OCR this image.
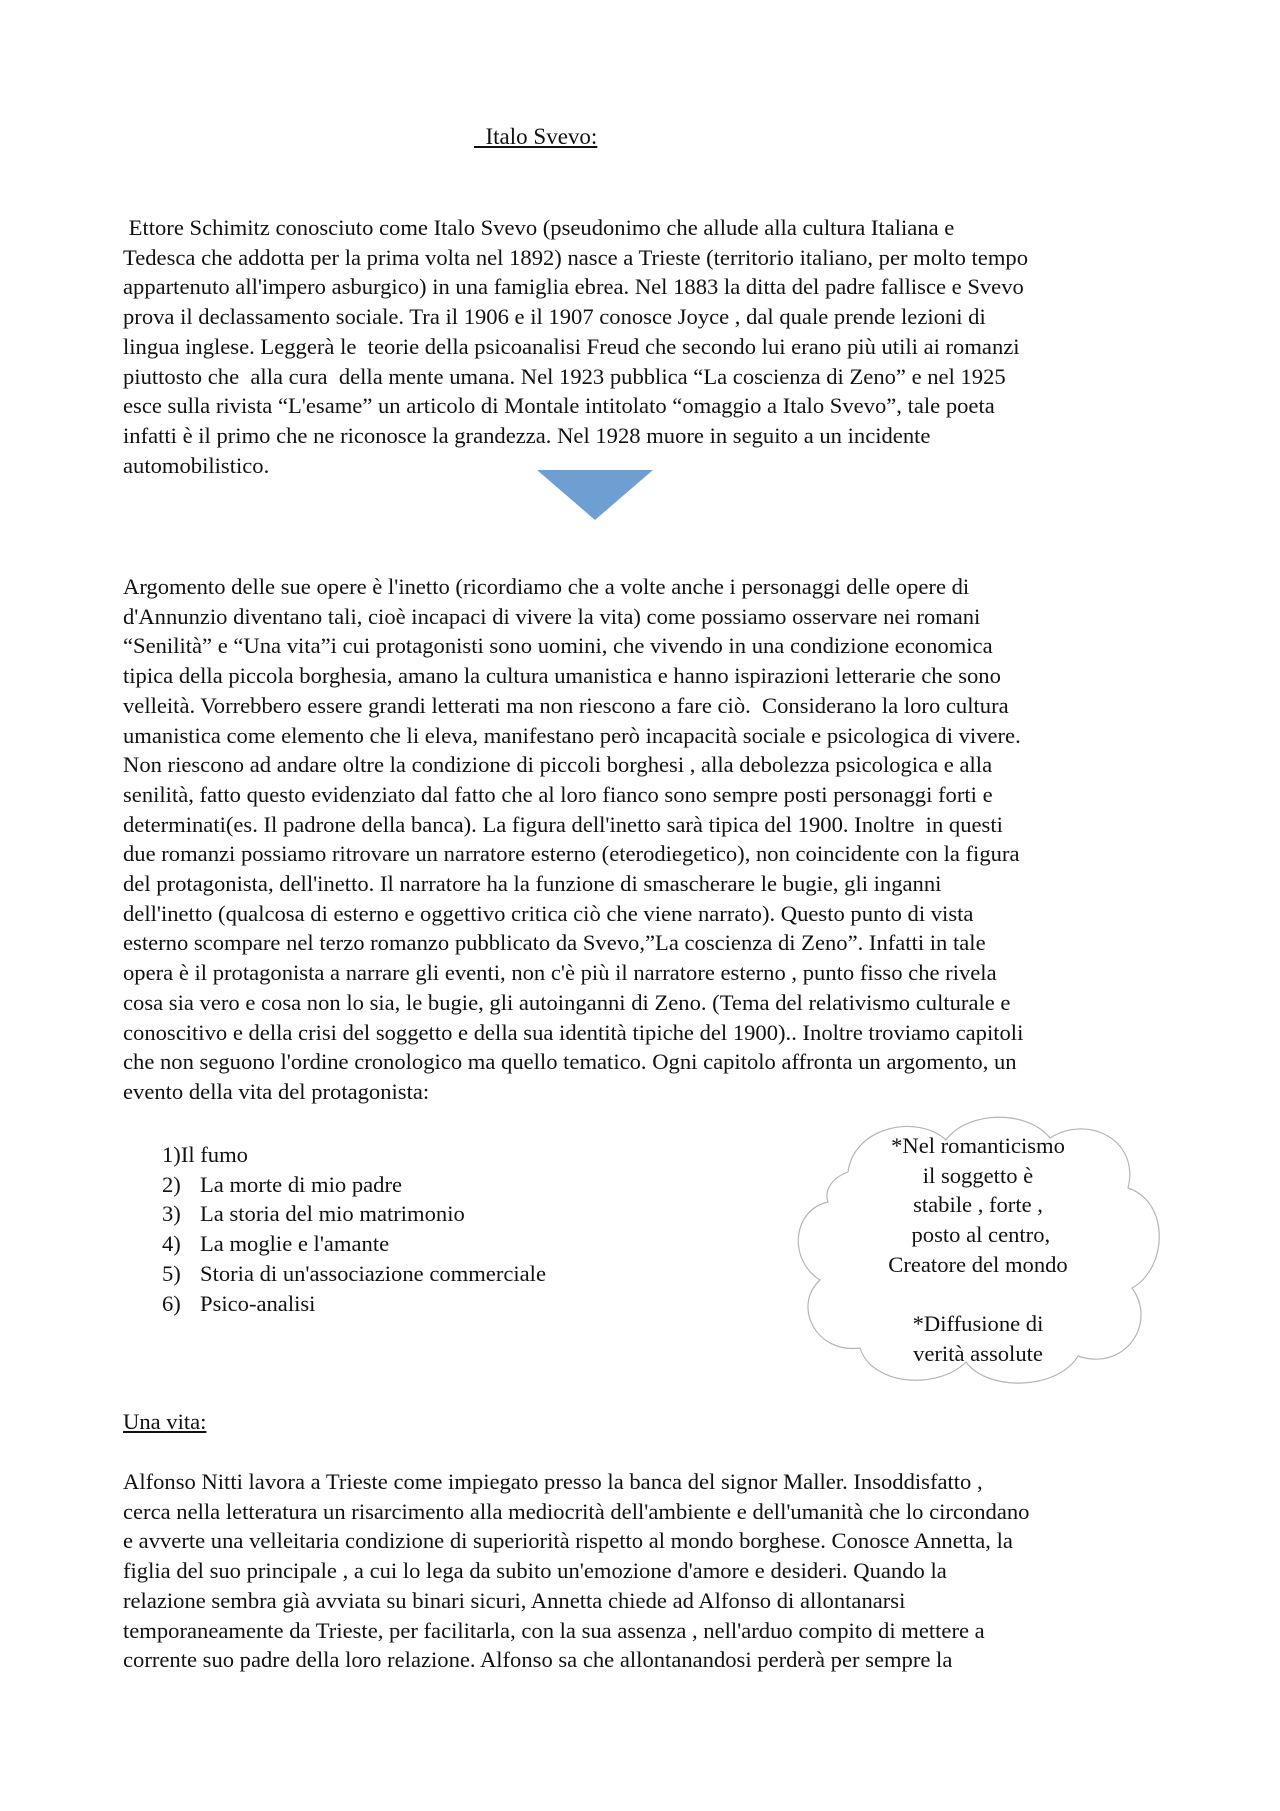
Italo Svevo:

Ettore Schimitz conosciuto come Italo Svevo (pseudonimo che allude alla cultura Italiana e
Tedesca che addotta per la prima volta nel 1892) nasce a Trieste (territorio italiano, per molto tempo
appartenuto all'impero asburgico) in una famiglia ebrea. Nel 1883 la ditta del padre fallisce e Svevo
prova il declassamento sociale. Tra il 1906 e il 1907 conosce Joyce , dal quale prende lezioni di
lingua inglese. Leggerà le  teorie della psicoanalisi Freud che secondo lui erano più utili ai romanzi
piuttosto che  alla cura  della mente umana. Nel 1923 pubblica “La coscienza di Zeno” e nel 1925
esce sulla rivista “L'esame” un articolo di Montale intitolato “omaggio a Italo Svevo”, tale poeta
infatti è il primo che ne riconosce la grandezza. Nel 1928 muore in seguito a un incidente
automobilistico.

Argomento delle sue opere è l'inetto (ricordiamo che a volte anche i personaggi delle opere di
d'Annunzio diventano tali, cioè incapaci di vivere la vita) come possiamo osservare nei romani
“Senilità” e “Una vita”i cui protagonisti sono uomini, che vivendo in una condizione economica
tipica della piccola borghesia, amano la cultura umanistica e hanno ispirazioni letterarie che sono
velleità. Vorrebbero essere grandi letterati ma non riescono a fare ciò.  Considerano la loro cultura
umanistica come elemento che li eleva, manifestano però incapacità sociale e psicologica di vivere.
Non riescono ad andare oltre la condizione di piccoli borghesi , alla debolezza psicologica e alla
senilità, fatto questo evidenziato dal fatto che al loro fianco sono sempre posti personaggi forti e
determinati(es. Il padrone della banca). La figura dell'inetto sarà tipica del 1900. Inoltre  in questi
due romanzi possiamo ritrovare un narratore esterno (eterodiegetico), non coincidente con la figura
del protagonista, dell'inetto. Il narratore ha la funzione di smascherare le bugie, gli inganni
dell'inetto (qualcosa di esterno e oggettivo critica ciò che viene narrato). Questo punto di vista
esterno scompare nel terzo romanzo pubblicato da Svevo,”La coscienza di Zeno”. Infatti in tale
opera è il protagonista a narrare gli eventi, non c'è più il narratore esterno , punto fisso che rivela
cosa sia vero e cosa non lo sia, le bugie, gli autoinganni di Zeno. (Tema del relativismo culturale e
conoscitivo e della crisi del soggetto e della sua identità tipiche del 1900).. Inoltre troviamo capitoli
che non seguono l'ordine cronologico ma quello tematico. Ogni capitolo affronta un argomento, un
evento della vita del protagonista:

1)Il fumo
2) La morte di mio padre
3) La storia del mio matrimonio
4) La moglie e l'amante
5) Storia di un'associazione commerciale
6) Psico-analisi
*Nel romanticismo
il soggetto è
stabile , forte ,
posto al centro,
Creatore del mondo

*Diffusione di
verità assolute
Una vita:

Alfonso Nitti lavora a Trieste come impiegato presso la banca del signor Maller. Insoddisfatto ,
cerca nella letteratura un risarcimento alla mediocrità dell'ambiente e dell'umanità che lo circondano
e avverte una velleitaria condizione di superiorità rispetto al mondo borghese. Conosce Annetta, la
figlia del suo principale , a cui lo lega da subito un'emozione d'amore e desideri. Quando la
relazione sembra già avviata su binari sicuri, Annetta chiede ad Alfonso di allontanarsi
temporaneamente da Trieste, per facilitarla, con la sua assenza , nell'arduo compito di mettere a
corrente suo padre della loro relazione. Alfonso sa che allontanandosi perderà per sempre la
